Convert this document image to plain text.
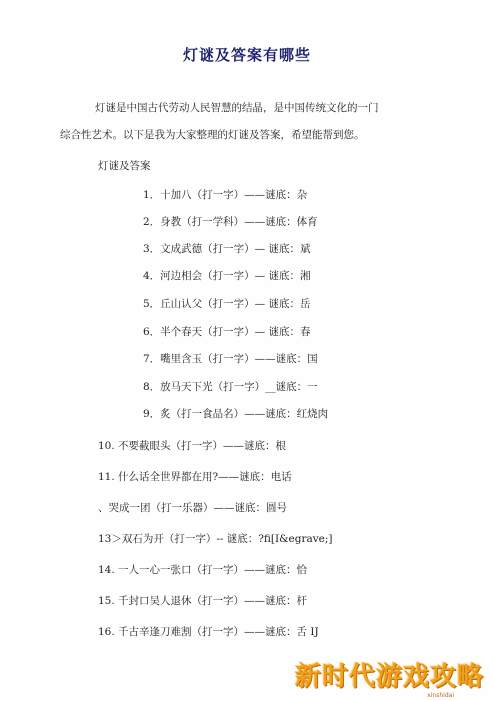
灯谜及答案有哪些
灯谜是中国古代劳动人民智慧的结晶，是中国传统文化的一门
综合性艺术。以下是我为大家整理的灯谜及答案，希望能帮到您。
灯谜及答案
1．十加八（打一字）——谜底：杂
2．身教（打一学科）——谜底：体育
3．文成武德（打一字）— 谜底：斌
4．河边相会（打一字）— 谜底：湘
5．丘山认父（打一字）— 谜底：岳
6．半个春天（打一字）— 谜底：春
7．嘴里含玉（打一字）——谜底：国
8．放马天下光（打一字）__谜底：一
9．炙（打一食品名）——谜底：红烧肉
10. 不要截眼头（打一字）——谜底：根
11. 什么话全世界都在用?——谜底：电话
、哭成一团（打一乐器）——谜底：圆号
13＞双石为开（打一字）-- 谜底：?fi[I&egrave;]
14. 一人一心一张口（打一字）——谜底：恰
15. 千封口吴人退休（打一字）——谜底：杆
16. 千古辛逢刀难割（打一字）——谜底：舌 IJ
新时代游戏攻略
xinshidai
